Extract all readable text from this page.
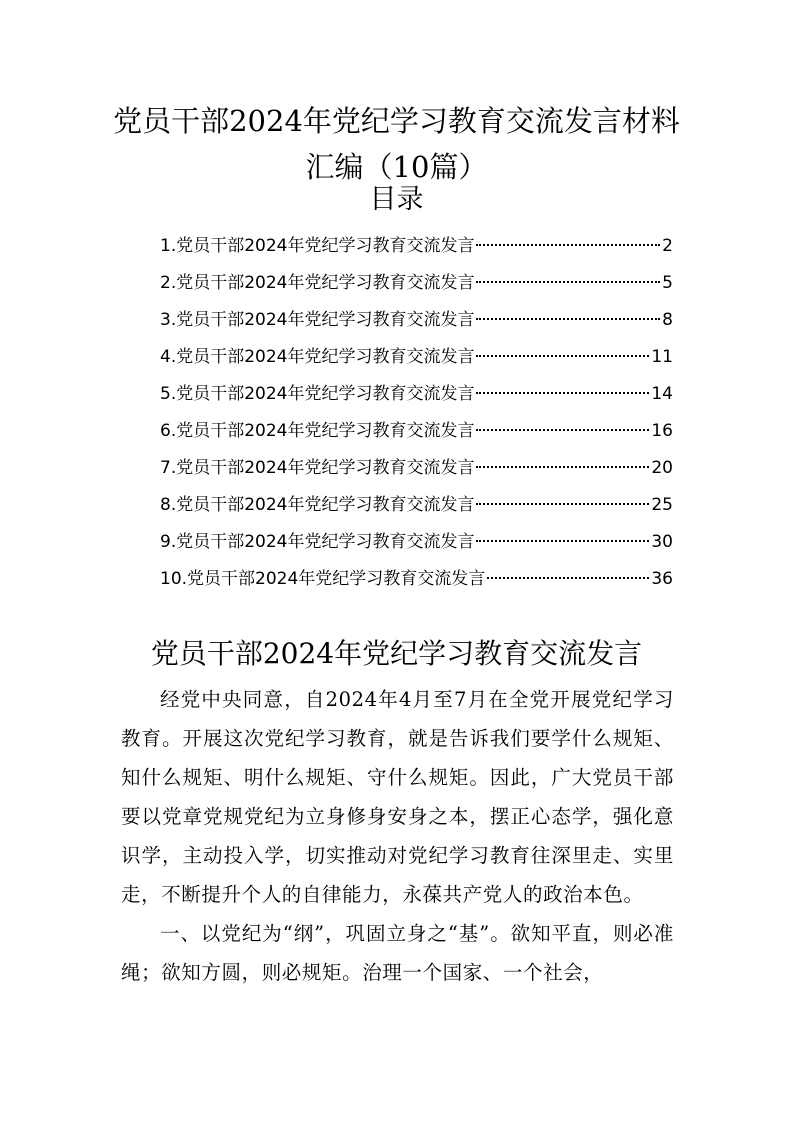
党员干部2024年党纪学习教育交流发言材料汇编（10篇）
目录
1.党员干部2024年党纪学习教育交流发言	2
2.党员干部2024年党纪学习教育交流发言	5
3.党员干部2024年党纪学习教育交流发言	8
4.党员干部2024年党纪学习教育交流发言	11
5.党员干部2024年党纪学习教育交流发言	14
6.党员干部2024年党纪学习教育交流发言	16
7.党员干部2024年党纪学习教育交流发言	20
8.党员干部2024年党纪学习教育交流发言	25
9.党员干部2024年党纪学习教育交流发言	30
10.党员干部2024年党纪学习教育交流发言	36
党员干部2024年党纪学习教育交流发言

经党中央同意，自2024年4月至7月在全党开展党纪学习教育。开展这次党纪学习教育，就是告诉我们要学什么规矩、知什么规矩、明什么规矩、守什么规矩。因此，广大党员干部要以党章党规党纪为立身修身安身之本，摆正心态学，强化意识学，主动投入学，切实推动对党纪学习教育往深里走、实里走，不断提升个人的自律能力，永葆共产党人的政治本色。

一、以党纪为“纲”，巩固立身之“基”。欲知平直，则必准绳；欲知方圆，则必规矩。治理一个国家、一个社会，
